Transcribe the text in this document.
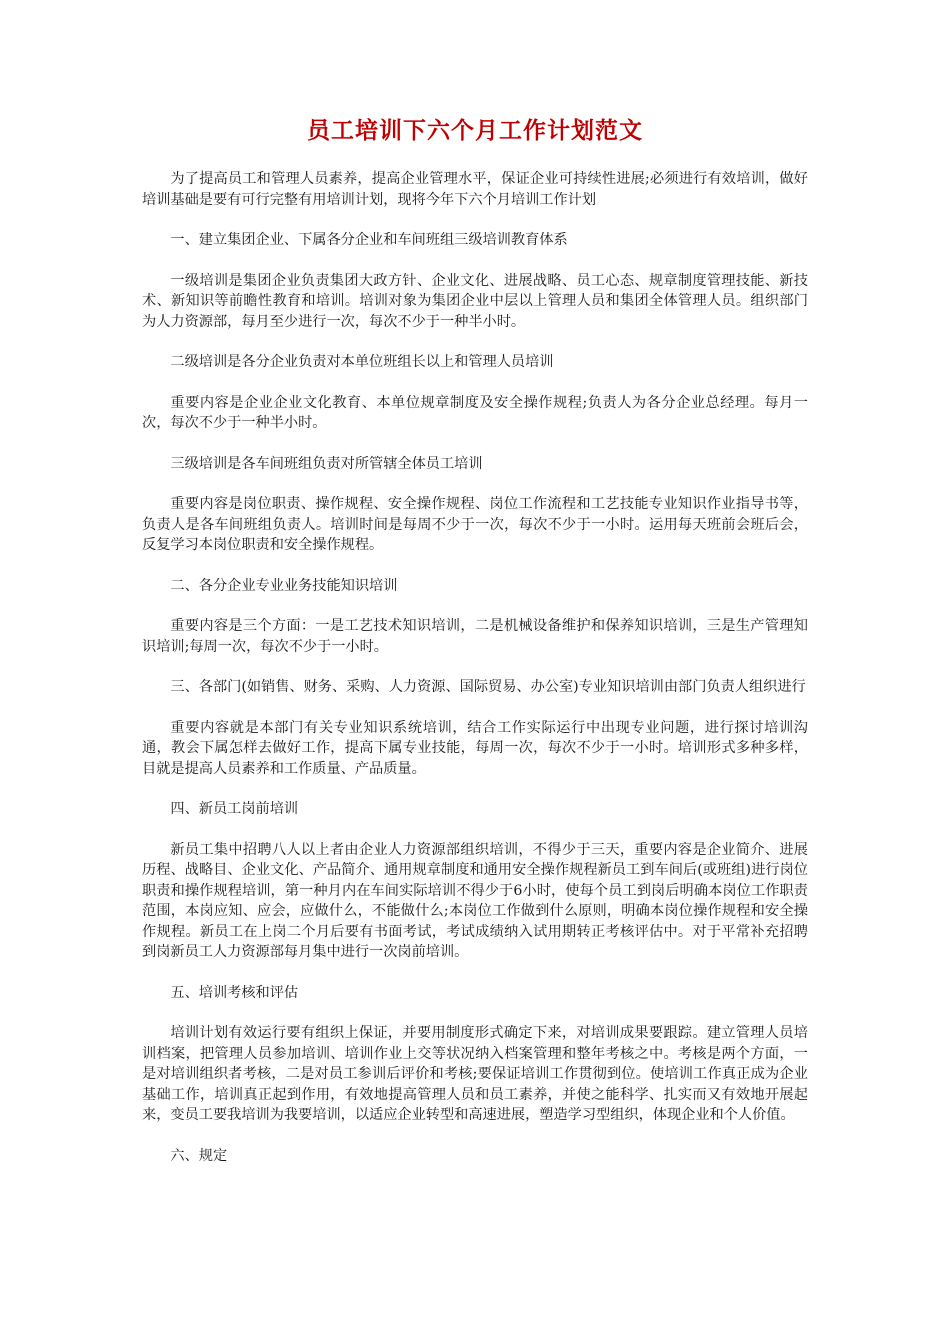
员工培训下六个月工作计划范文

为了提高员工和管理人员素养，提高企业管理水平，保证企业可持续性进展;必须进行有效培训，做好培训基础是要有可行完整有用培训计划，现将今年下六个月培训工作计划

一、建立集团企业、下属各分企业和车间班组三级培训教育体系

一级培训是集团企业负责集团大政方针、企业文化、进展战略、员工心态、规章制度管理技能、新技术、新知识等前瞻性教育和培训。培训对象为集团企业中层以上管理人员和集团全体管理人员。组织部门为人力资源部，每月至少进行一次，每次不少于一种半小时。

二级培训是各分企业负责对本单位班组长以上和管理人员培训

重要内容是企业企业文化教育、本单位规章制度及安全操作规程;负责人为各分企业总经理。每月一次，每次不少于一种半小时。

三级培训是各车间班组负责对所管辖全体员工培训

重要内容是岗位职责、操作规程、安全操作规程、岗位工作流程和工艺技能专业知识作业指导书等，负责人是各车间班组负责人。培训时间是每周不少于一次，每次不少于一小时。运用每天班前会班后会，反复学习本岗位职责和安全操作规程。

二、各分企业专业业务技能知识培训

重要内容是三个方面：一是工艺技术知识培训，二是机械设备维护和保养知识培训，三是生产管理知识培训;每周一次，每次不少于一小时。

三、各部门(如销售、财务、采购、人力资源、国际贸易、办公室)专业知识培训由部门负责人组织进行

重要内容就是本部门有关专业知识系统培训，结合工作实际运行中出现专业问题，进行探讨培训沟通，教会下属怎样去做好工作，提高下属专业技能，每周一次，每次不少于一小时。培训形式多种多样，目就是提高人员素养和工作质量、产品质量。

四、新员工岗前培训

新员工集中招聘八人以上者由企业人力资源部组织培训，不得少于三天，重要内容是企业简介、进展历程、战略目、企业文化、产品简介、通用规章制度和通用安全操作规程新员工到车间后(或班组)进行岗位职责和操作规程培训，第一种月内在车间实际培训不得少于6小时，使每个员工到岗后明确本岗位工作职责范围，本岗应知、应会，应做什么，不能做什么;本岗位工作做到什么原则，明确本岗位操作规程和安全操作规程。新员工在上岗二个月后要有书面考试，考试成绩纳入试用期转正考核评估中。对于平常补充招聘到岗新员工人力资源部每月集中进行一次岗前培训。

五、培训考核和评估

培训计划有效运行要有组织上保证，并要用制度形式确定下来，对培训成果要跟踪。建立管理人员培训档案，把管理人员参加培训、培训作业上交等状况纳入档案管理和整年考核之中。考核是两个方面，一是对培训组织者考核，二是对员工参训后评价和考核;要保证培训工作贯彻到位。使培训工作真正成为企业基础工作，培训真正起到作用，有效地提高管理人员和员工素养，并使之能科学、扎实而又有效地开展起来，变员工要我培训为我要培训，以适应企业转型和高速进展，塑造学习型组织，体现企业和个人价值。

六、规定
